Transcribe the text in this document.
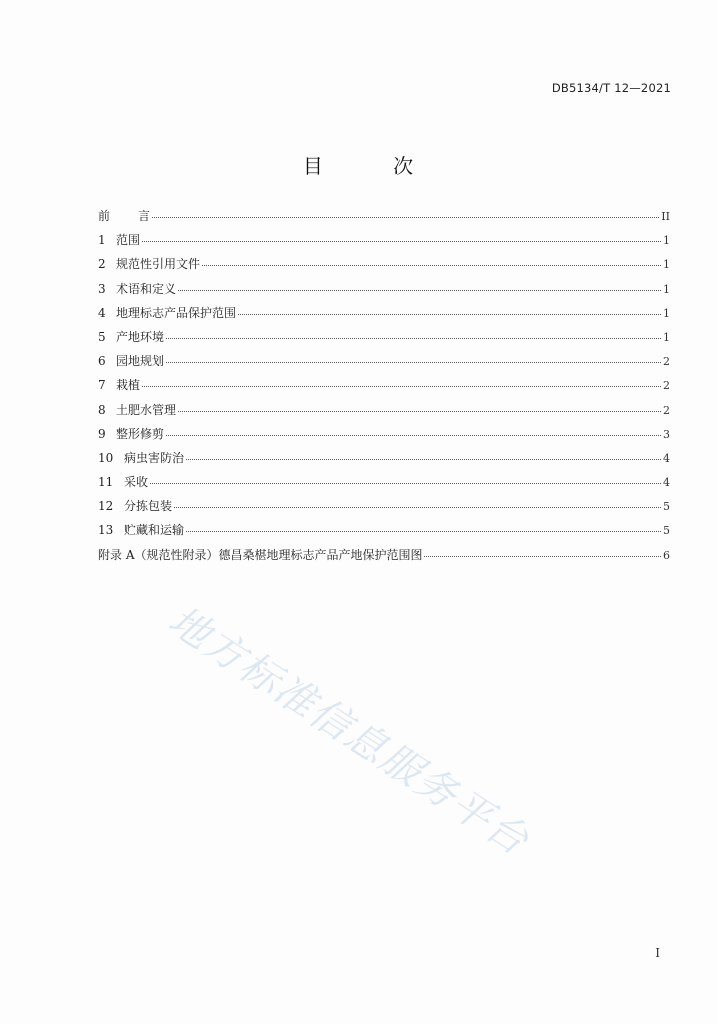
DB5134/T 12—2021
目 次
前	言	II
1 范围	1
2 规范性引用文件	1
3 术语和定义	1
4 地理标志产品保护范围	1
5 产地环境	1
6 园地规划	2
7 栽植	2
8 土肥水管理	2
9 整形修剪	3
10 病虫害防治	4
11 采收	4
12 分拣包装	5
13 贮藏和运输	5
附录 A（规范性附录）德昌桑椹地理标志产品产地保护范围图	6
地方标准信息服务平台
I
